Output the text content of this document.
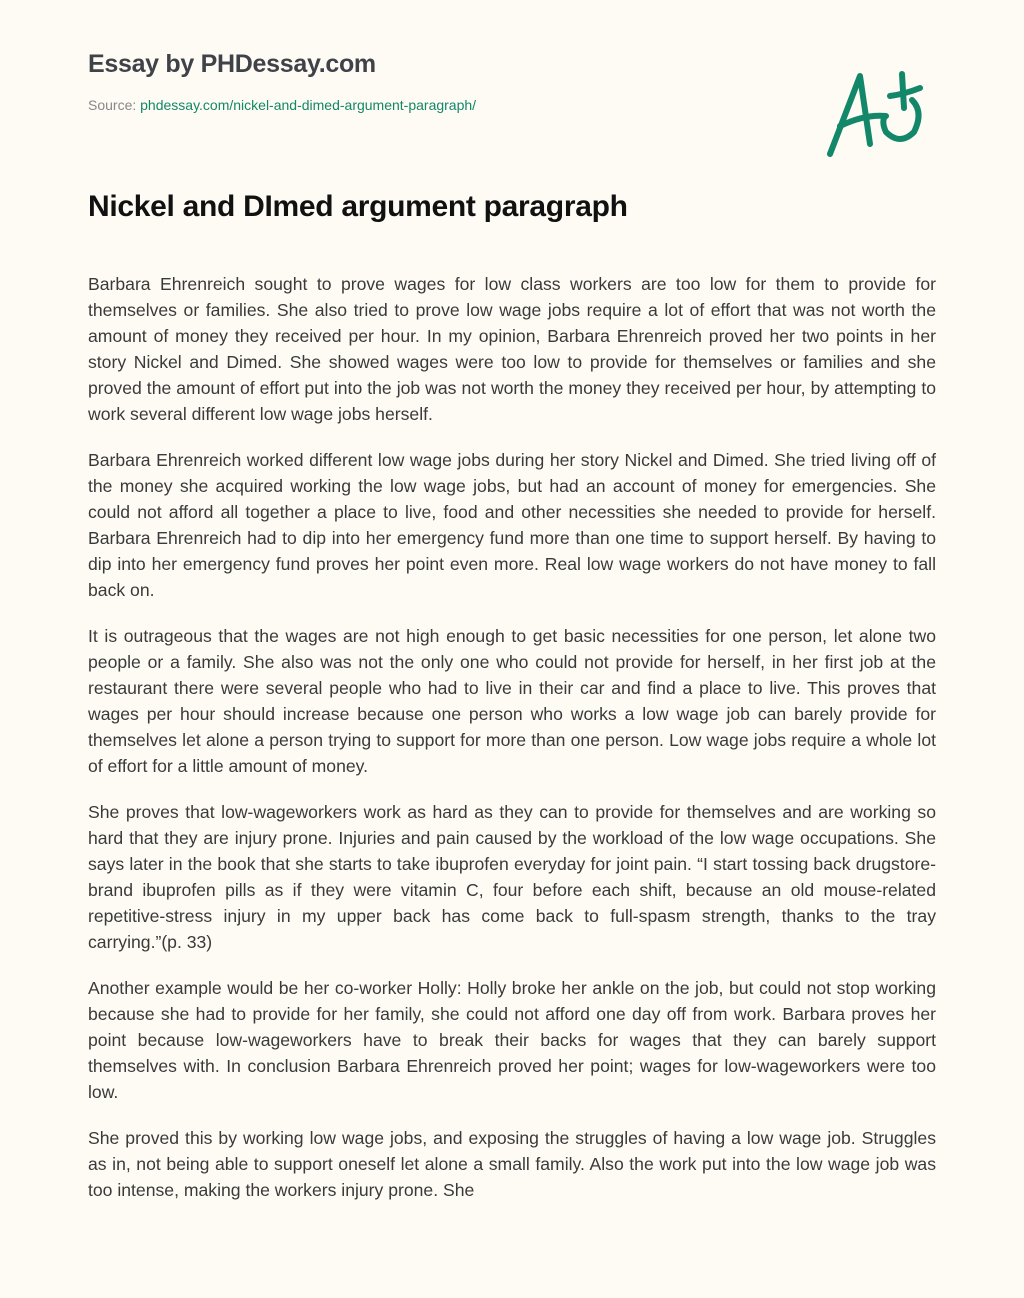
Essay by PHDessay.com
Source: phdessay.com/nickel-and-dimed-argument-paragraph/
Nickel and DImed argument paragraph

Barbara Ehrenreich sought to prove wages for low class workers are too low for them to provide for themselves or families. She also tried to prove low wage jobs require a lot of effort that was not worth the amount of money they received per hour. In my opinion, Barbara Ehrenreich proved her two points in her story Nickel and Dimed. She showed wages were too low to provide for themselves or families and she proved the amount of effort put into the job was not worth the money they received per hour, by attempting to work several different low wage jobs herself.

Barbara Ehrenreich worked different low wage jobs during her story Nickel and Dimed. She tried living off of the money she acquired working the low wage jobs, but had an account of money for emergencies. She could not afford all together a place to live, food and other necessities she needed to provide for herself. Barbara Ehrenreich had to dip into her emergency fund more than one time to support herself. By having to dip into her emergency fund proves her point even more. Real low wage workers do not have money to fall back on.

It is outrageous that the wages are not high enough to get basic necessities for one person, let alone two people or a family. She also was not the only one who could not provide for herself, in her first job at the restaurant there were several people who had to live in their car and find a place to live. This proves that wages per hour should increase because one person who works a low wage job can barely provide for themselves let alone a person trying to support for more than one person. Low wage jobs require a whole lot of effort for a little amount of money.

She proves that low-wageworkers work as hard as they can to provide for themselves and are working so hard that they are injury prone. Injuries and pain caused by the workload of the low wage occupations. She says later in the book that she starts to take ibuprofen everyday for joint pain. “I start tossing back drugstore-brand ibuprofen pills as if they were vitamin C, four before each shift, because an old mouse-related repetitive-stress injury in my upper back has come back to full-spasm strength, thanks to the tray carrying.”(p. 33)

Another example would be her co-worker Holly: Holly broke her ankle on the job, but could not stop working because she had to provide for her family, she could not afford one day off from work. Barbara proves her point because low-wageworkers have to break their backs for wages that they can barely support themselves with. In conclusion Barbara Ehrenreich proved her point; wages for low-wageworkers were too low.

She proved this by working low wage jobs, and exposing the struggles of having a low wage job. Struggles as in, not being able to support oneself let alone a small family. Also the work put into the low wage job was too intense, making the workers injury prone. She
